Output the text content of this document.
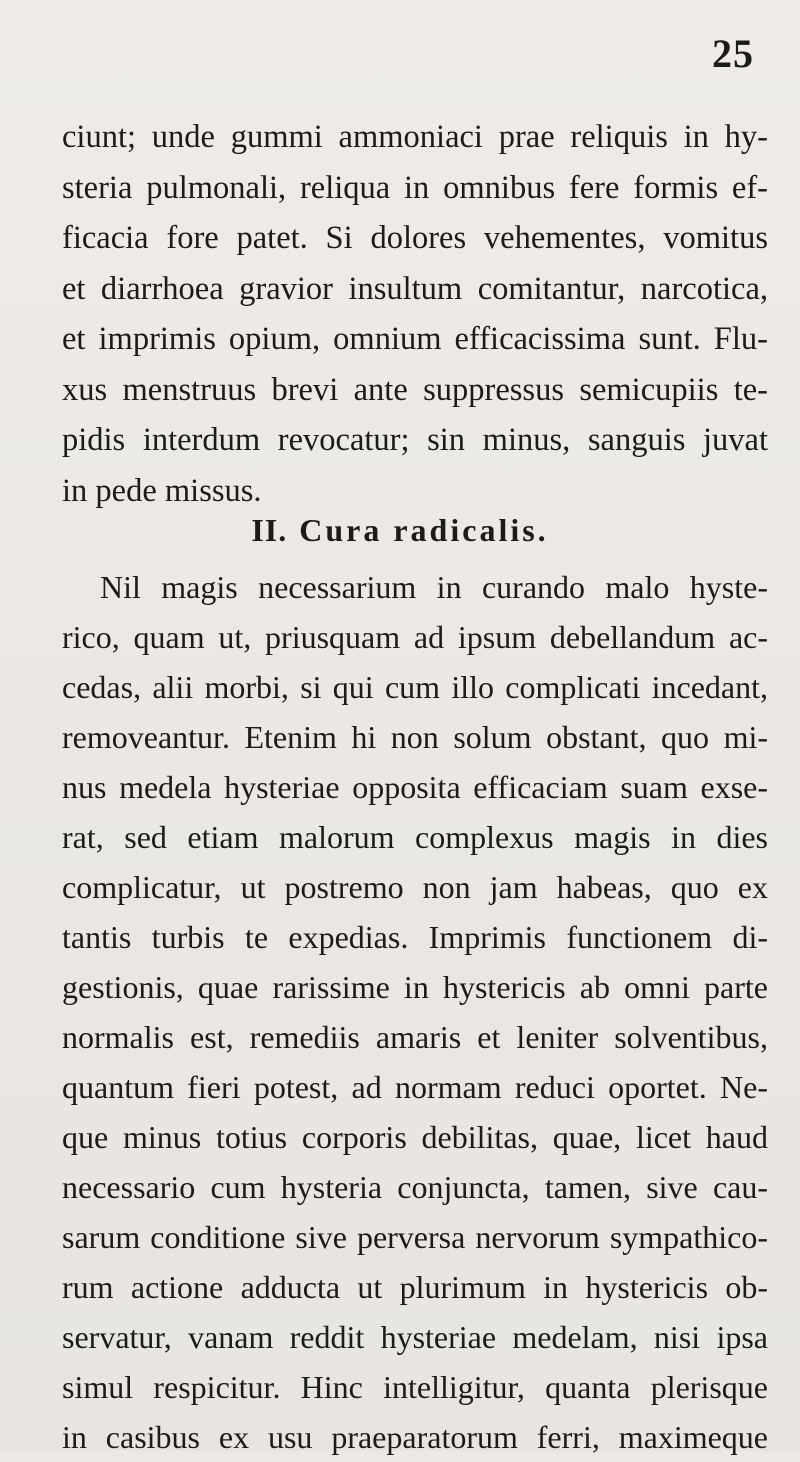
25
ciunt; unde gummi ammoniaci prae reliquis in hy-
steria pulmonali, reliqua in omnibus fere formis ef-
ficacia fore patet. Si dolores vehementes, vomitus
et diarrhoea gravior insultum comitantur, narcotica,
et imprimis opium, omnium efficacissima sunt. Flu-
xus menstruus brevi ante suppressus semicupiis te-
pidis interdum revocatur; sin minus, sanguis juvat
in pede missus.
II. Cura radicalis.
Nil magis necessarium in curando malo hyste-
rico, quam ut, priusquam ad ipsum debellandum ac-
cedas, alii morbi, si qui cum illo complicati incedant,
removeantur. Etenim hi non solum obstant, quo mi-
nus medela hysteriae opposita efficaciam suam exse-
rat, sed etiam malorum complexus magis in dies
complicatur, ut postremo non jam habeas, quo ex
tantis turbis te expedias. Imprimis functionem di-
gestionis, quae rarissime in hystericis ab omni parte
normalis est, remediis amaris et leniter solventibus,
quantum fieri potest, ad normam reduci oportet. Ne-
que minus totius corporis debilitas, quae, licet haud
necessario cum hysteria conjuncta, tamen, sive cau-
sarum conditione sive perversa nervorum sympathico-
rum actione adducta ut plurimum in hystericis ob-
servatur, vanam reddit hysteriae medelam, nisi ipsa
simul respicitur. Hinc intelligitur, quanta plerisque
in casibus ex usu praeparatorum ferri, maximeque
